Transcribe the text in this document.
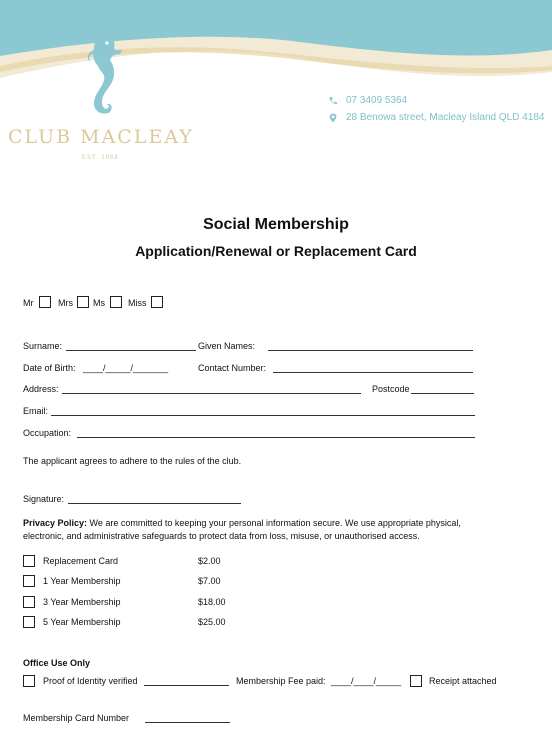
CLUB MACLEAY
EST. 1968
07 3409 5364
28 Benowa street, Macleay Island QLD 4184
Social Membership
Application/Renewal or Replacement Card
Mr	Mrs Ms	Miss
Surname:	Given Names:
Date of Birth: ____/_____/_______	Contact Number:
Address:	Postcode
Email:
Occupation:
The applicant agrees to adhere to the rules of the club.
Signature:
Privacy Policy: We are committed to keeping your personal information secure. We use appropriate physical, electronic, and administrative safeguards to protect data from loss, misuse, or unauthorised access.
Replacement Card	$2.00
1 Year Membership	$7.00
3 Year Membership	$18.00
5 Year Membership	$25.00
Office Use Only
Proof of Identity verified	Membership Fee paid: ____/____/_____	Receipt attached
Membership Card Number
